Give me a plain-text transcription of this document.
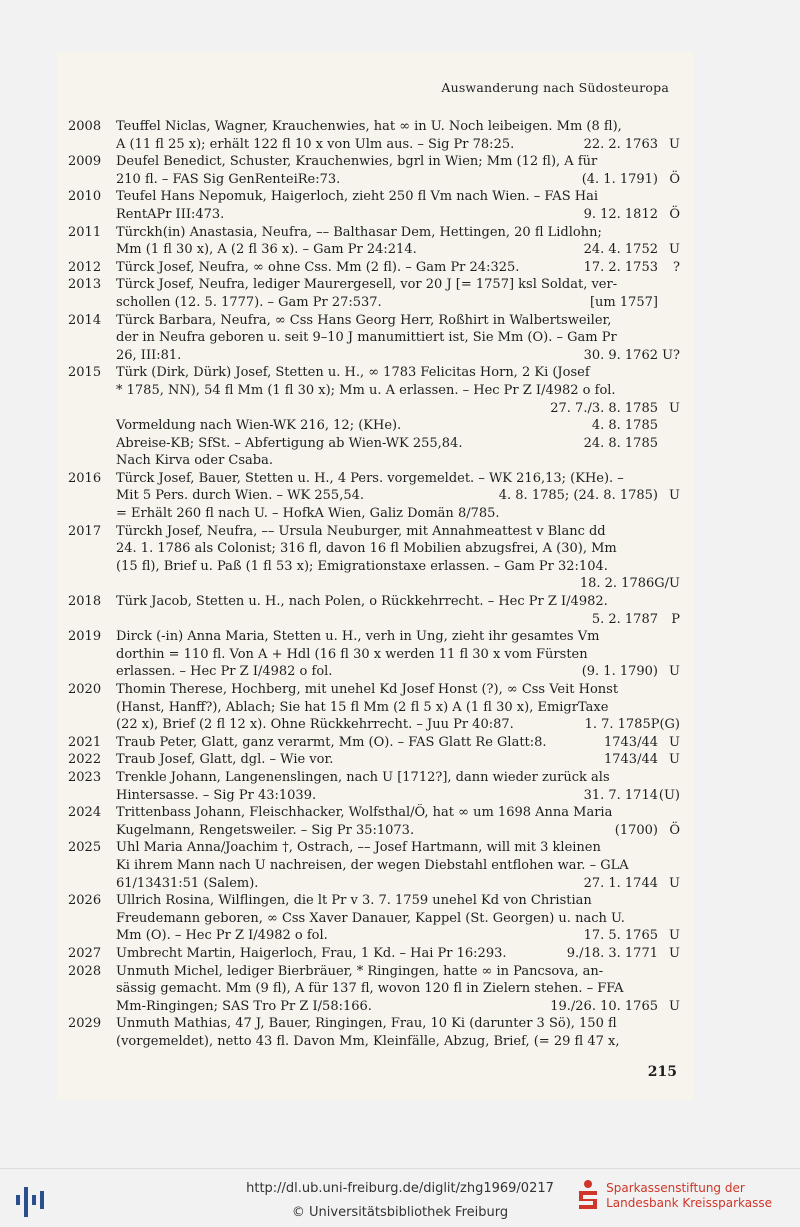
Auswanderung nach Südosteuropa
2008	Teuffel Niclas, Wagner, Krauchenwies, hat ∞ in U. Noch leibeigen. Mm (8 fl),
A (11 fl 25 x); erhält 122 fl 10 x von Ulm aus. – Sig Pr 78:25.	22. 2. 1763 U
2009	Deufel Benedict, Schuster, Krauchenwies, bgrl in Wien; Mm (12 fl), A für
210 fl. – FAS Sig GenRenteiRe:73.	(4. 1. 1791) Ö
2010	Teufel Hans Nepomuk, Haigerloch, zieht 250 fl Vm nach Wien. – FAS Hai
RentAPr III:473.	9. 12. 1812 Ö
2011	Türckh(in) Anastasia, Neufra, –– Balthasar Dem, Hettingen, 20 fl Lidlohn;
Mm (1 fl 30 x), A (2 fl 36 x). – Gam Pr 24:214.	24. 4. 1752 U
2012	Türck Josef, Neufra, ∞ ohne Css. Mm (2 fl). – Gam Pr 24:325.	17. 2. 1753	?
2013	Türck Josef, Neufra, lediger Maurergesell, vor 20 J [= 1757] ksl Soldat, ver-
schollen (12. 5. 1777). – Gam Pr 27:537.	[um 1757]
2014	Türck Barbara, Neufra, ∞ Css Hans Georg Herr, Roßhirt in Walbertsweiler,
der in Neufra geboren u. seit 9–10 J manumittiert ist, Sie Mm (O). – Gam Pr
26, III:81.	30. 9. 1762 U?
2015	Türk (Dirk, Dürk) Josef, Stetten u. H., ∞ 1783 Felicitas Horn, 2 Ki (Josef
* 1785, NN), 54 fl Mm (1 fl 30 x); Mm u. A erlassen. – Hec Pr Z I/4982 o fol.
27. 7./3. 8. 1785 U
Vormeldung nach Wien-WK 216, 12; (KHe).	4. 8. 1785
Abreise-KB; SfSt. – Abfertigung ab Wien-WK 255,84.	24. 8. 1785
Nach Kirva oder Csaba.
2016	Türck Josef, Bauer, Stetten u. H., 4 Pers. vorgemeldet. – WK 216,13; (KHe). –
Mit 5 Pers. durch Wien. – WK 255,54.	4. 8. 1785; (24. 8. 1785) U
= Erhält 260 fl nach U. – HofkA Wien, Galiz Domän 8/785.
2017	Türckh Josef, Neufra, –– Ursula Neuburger, mit Annahmeattest v Blanc dd
24. 1. 1786 als Colonist; 316 fl, davon 16 fl Mobilien abzugsfrei, A (30), Mm
(15 fl), Brief u. Paß (1 fl 53 x); Emigrationstaxe erlassen. – Gam Pr 32:104.
18. 2. 1786 G/U
2018	Türk Jacob, Stetten u. H., nach Polen, o Rückkehrrecht. – Hec Pr Z I/4982.
5. 2. 1787	P
2019	Dirck (-in) Anna Maria, Stetten u. H., verh in Ung, zieht ihr gesamtes Vm
dorthin = 110 fl. Von A + Hdl (16 fl 30 x werden 11 fl 30 x vom Fürsten
erlassen. – Hec Pr Z I/4982 o fol.	(9. 1. 1790) U
2020	Thomin Therese, Hochberg, mit unehel Kd Josef Honst (?), ∞ Css Veit Honst
(Hanst, Hanff?), Ablach; Sie hat 15 fl Mm (2 fl 5 x) A (1 fl 30 x), EmigrTaxe
(22 x), Brief (2 fl 12 x). Ohne Rückkehrrecht. – Juu Pr 40:87.	1. 7. 1785 P(G)
2021	Traub Peter, Glatt, ganz verarmt, Mm (O). – FAS Glatt Re Glatt:8.	1743/44 U
2022	Traub Josef, Glatt, dgl. – Wie vor.	1743/44 U
2023	Trenkle Johann, Langenenslingen, nach U [1712?], dann wieder zurück als
Hintersasse. – Sig Pr 43:1039.	31. 7. 1714 (U)
2024	Trittenbass Johann, Fleischhacker, Wolfsthal/Ö, hat ∞ um 1698 Anna Maria
Kugelmann, Rengetsweiler. – Sig Pr 35:1073.	(1700) Ö
2025	Uhl Maria Anna/Joachim †, Ostrach, –– Josef Hartmann, will mit 3 kleinen
Ki ihrem Mann nach U nachreisen, der wegen Diebstahl entflohen war. – GLA
61/13431:51 (Salem).	27. 1. 1744 U
2026	Ullrich Rosina, Wilflingen, die lt Pr v 3. 7. 1759 unehel Kd von Christian
Freudemann geboren, ∞ Css Xaver Danauer, Kappel (St. Georgen) u. nach U.
Mm (O). – Hec Pr Z I/4982 o fol.	17. 5. 1765 U
2027	Umbrecht Martin, Haigerloch, Frau, 1 Kd. – Hai Pr 16:293.	9./18. 3. 1771 U
2028	Unmuth Michel, lediger Bierbräuer, * Ringingen, hatte ∞ in Pancsova, an-
sässig gemacht. Mm (9 fl), A für 137 fl, wovon 120 fl in Zielern stehen. – FFA
Mm-Ringingen; SAS Tro Pr Z I/58:166.	19./26. 10. 1765 U
2029	Unmuth Mathias, 47 J, Bauer, Ringingen, Frau, 10 Ki (darunter 3 Sö), 150 fl
(vorgemeldet), netto 43 fl. Davon Mm, Kleinfälle, Abzug, Brief, (= 29 fl 47 x,
215
http://dl.ub.uni-freiburg.de/diglit/zhg1969/0217
© Universitätsbibliothek Freiburg
Sparkassenstiftung der
Landesbank Kreissparkasse
